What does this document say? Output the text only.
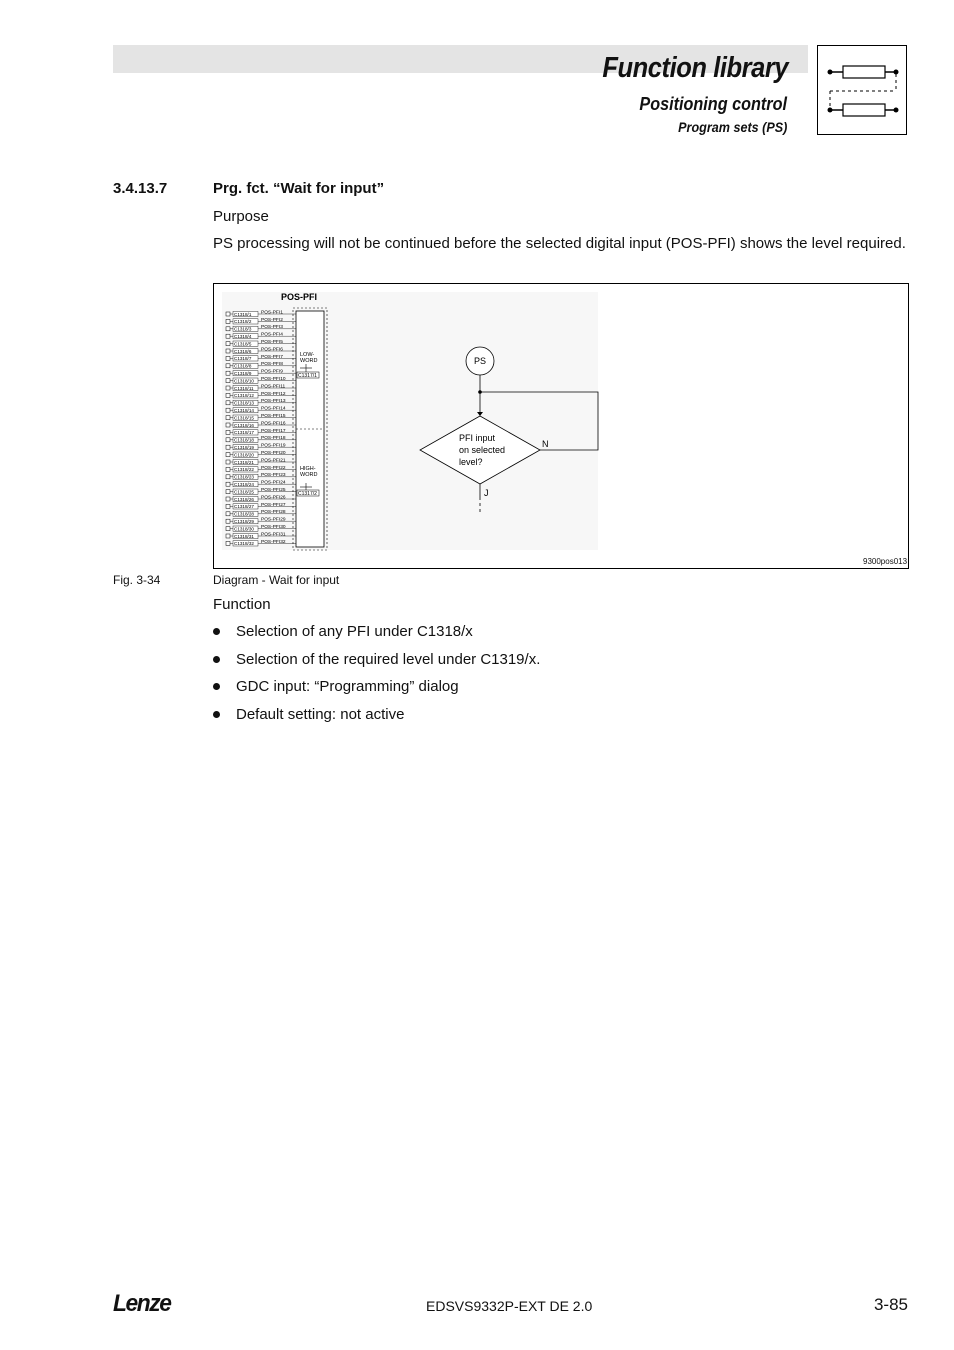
Function library
Positioning control
Program sets (PS)
3.4.13.7	Prg. fct. “Wait for input”
Purpose
PS processing will not be continued before the selected digital input (POS-PFI) shows the level required.
POS-PFI
C1318/1 POS-PFI1
C1318/2 POS-PFI2
C1318/3 POS-PFI3
C1318/4 POS-PFI4
C1318/5 POS-PFI5
C1318/6 POS-PFI6
C1318/7 POS-PFI7
C1318/8 POS-PFI8
C1318/9 POS-PFI9
C1318/10 POS-PFI10
C1318/11 POS-PFI11
C1318/12 POS-PFI12
C1318/13 POS-PFI13
C1318/14 POS-PFI14
C1318/15 POS-PFI15
C1318/16 POS-PFI16
C1318/17 POS-PFI17
C1318/18 POS-PFI18
C1318/19 POS-PFI19
C1318/20 POS-PFI20
C1318/21 POS-PFI21
C1318/22 POS-PFI22
C1318/23 POS-PFI23
C1318/24 POS-PFI24
C1318/25 POS-PFI25
C1318/26 POS-PFI26
C1318/27 POS-PFI27
C1318/28 POS-PFI28
C1318/29 POS-PFI29
C1318/30 POS-PFI30
C1318/31 POS-PFI31
C1318/32 POS-PFI32
LOW-
WORD
C1317/1
HIGH-
WORD
C1317/2
PS
PFI input
on selected
level?
N
J
9300pos013
Fig. 3-34	Diagram - Wait for input
Function
Selection of any PFI under C1318/x
Selection of the required level under C1319/x.
GDC input: “Programming” dialog
Default setting: not active
Lenze	EDSVS9332P-EXT DE 2.0	3-85
